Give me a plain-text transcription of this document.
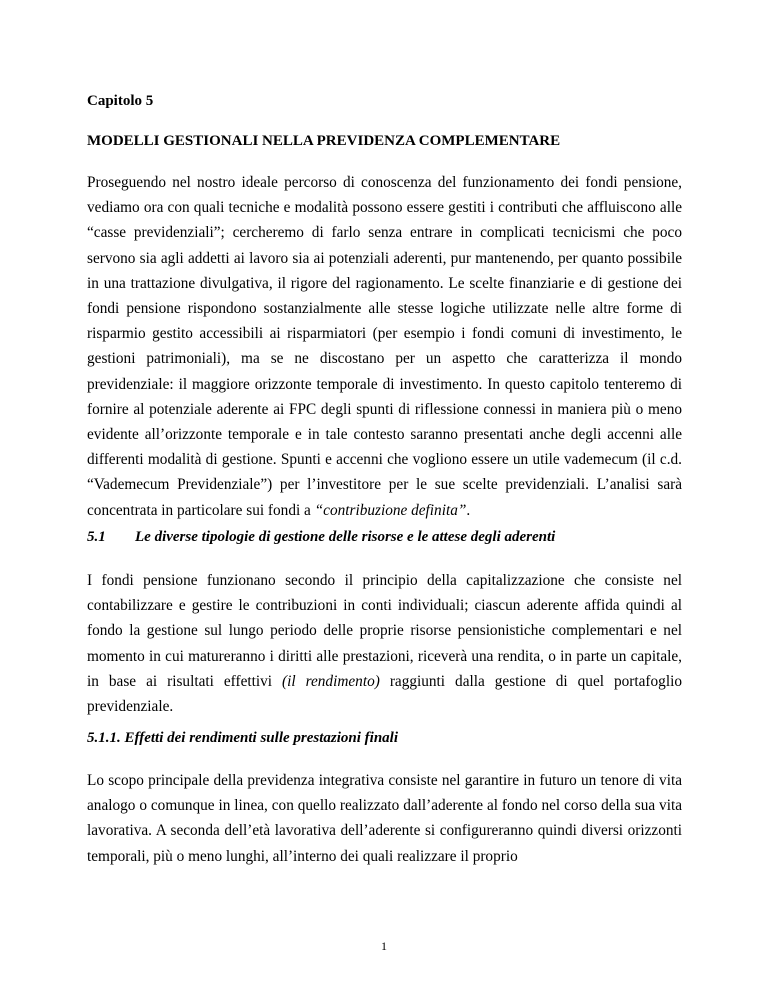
Capitolo 5

MODELLI GESTIONALI NELLA PREVIDENZA COMPLEMENTARE

Proseguendo nel nostro ideale percorso di conoscenza del funzionamento dei fondi pensione, vediamo ora con quali tecniche e modalità possono essere gestiti i contributi che affluiscono alle “casse previdenziali”; cercheremo di farlo senza entrare in complicati tecnicismi che poco servono sia agli addetti ai lavoro sia ai potenziali aderenti, pur mantenendo, per quanto possibile in una trattazione divulgativa, il rigore del ragionamento. Le scelte finanziarie e di gestione dei fondi pensione rispondono sostanzialmente alle stesse logiche utilizzate nelle altre forme di risparmio gestito accessibili ai risparmiatori (per esempio i fondi comuni di investimento, le gestioni patrimoniali), ma se ne discostano per un aspetto che caratterizza il mondo previdenziale: il maggiore orizzonte temporale di investimento. In questo capitolo tenteremo di fornire al potenziale aderente ai FPC degli spunti di riflessione connessi in maniera più o meno evidente all’orizzonte temporale e in tale contesto saranno presentati anche degli accenni alle differenti modalità di gestione. Spunti e accenni che vogliono essere un utile vademecum (il c.d. “Vademecum Previdenziale”) per l’investitore per le sue scelte previdenziali. L’analisi sarà concentrata in particolare sui fondi a “contribuzione definita”.

5.1 Le diverse tipologie di gestione delle risorse e le attese degli aderenti

I fondi pensione funzionano secondo il principio della capitalizzazione che consiste nel contabilizzare e gestire le contribuzioni in conti individuali; ciascun aderente affida quindi al fondo la gestione sul lungo periodo delle proprie risorse pensionistiche complementari e nel momento in cui matureranno i diritti alle prestazioni, riceverà una rendita, o in parte un capitale, in base ai risultati effettivi (il rendimento) raggiunti dalla gestione di quel portafoglio previdenziale.

5.1.1. Effetti dei rendimenti sulle prestazioni finali

Lo scopo principale della previdenza integrativa consiste nel garantire in futuro un tenore di vita analogo o comunque in linea, con quello realizzato dall’aderente al fondo nel corso della sua vita lavorativa. A seconda dell’età lavorativa dell’aderente si configureranno quindi diversi orizzonti temporali, più o meno lunghi, all’interno dei quali realizzare il proprio

1
